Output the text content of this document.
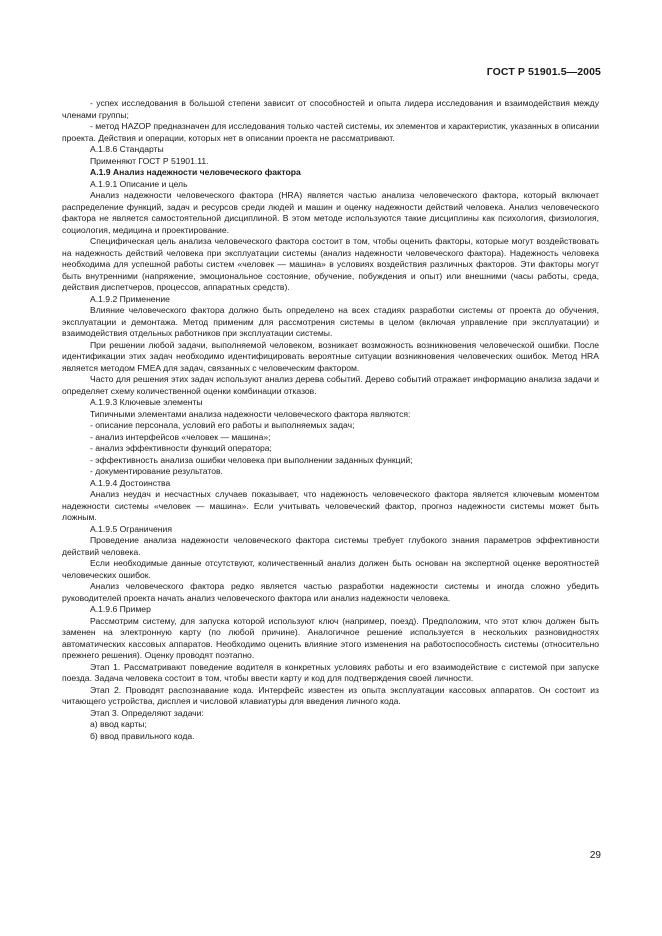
ГОСТ Р 51901.5—2005

- успех исследования в большой степени зависит от способностей и опыта лидера исследования и взаимодействия между членами группы;

- метод HAZOP предназначен для исследования только частей системы, их элементов и характеристик, указанных в описании проекта. Действия и операции, которых нет в описании проекта не рассматривают.

А.1.8.6 Стандарты

Применяют ГОСТ Р 51901.11.

А.1.9 Анализ надежности человеческого фактора

А.1.9.1 Описание и цель

Анализ надежности человеческого фактора (HRA) является частью анализа человеческого фактора, который включает распределение функций, задач и ресурсов среди людей и машин и оценку надежности действий человека. Анализ человеческого фактора не является самостоятельной дисциплиной. В этом методе используются такие дисциплины как психология, физиология, социология, медицина и проектирование.

Специфическая цель анализа человеческого фактора состоит в том, чтобы оценить факторы, которые могут воздействовать на надежность действий человека при эксплуатации системы (анализ надежности человеческого фактора). Надежность человека необходима для успешной работы систем «человек — машина» в условиях воздействия различных факторов. Эти факторы могут быть внутренними (напряжение, эмоциональное состояние, обучение, побуждения и опыт) или внешними (часы работы, среда, действия диспетчеров, процессов, аппаратных средств).

А.1.9.2 Применение

Влияние человеческого фактора должно быть определено на всех стадиях разработки системы от проекта до обучения, эксплуатации и демонтажа. Метод применим для рассмотрения системы в целом (включая управление при эксплуатации) и взаимодействия отдельных работников при эксплуатации системы.

При решении любой задачи, выполняемой человеком, возникает возможность возникновения человеческой ошибки. После идентификации этих задач необходимо идентифицировать вероятные ситуации возникновения человеческих ошибок. Метод HRA является методом FMEA для задач, связанных с человеческим фактором.

Часто для решения этих задач используют анализ дерева событий. Дерево событий отражает информацию анализа задачи и определяет схему количественной оценки комбинации отказов.

А.1.9.3 Ключевые элементы

Типичными элементами анализа надежности человеческого фактора являются:

- описание персонала, условий его работы и выполняемых задач;

- анализ интерфейсов «человек — машина»;

- анализ эффективности функций оператора;

- эффективность анализа ошибки человека при выполнении заданных функций;

- документирование результатов.

А.1.9.4 Достоинства

Анализ неудач и несчастных случаев показывает, что надежность человеческого фактора является ключевым моментом надежности системы «человек — машина». Если учитывать человеческий фактор, прогноз надежности системы может быть ложным.

А.1.9.5 Ограничения

Проведение анализа надежности человеческого фактора системы требует глубокого знания параметров эффективности действий человека.

Если необходимые данные отсутствуют, количественный анализ должен быть основан на экспертной оценке вероятностей человеческих ошибок.

Анализ человеческого фактора редко является частью разработки надежности системы и иногда сложно убедить руководителей проекта начать анализ человеческого фактора или анализ надежности человека.

А.1.9.6 Пример

Рассмотрим систему, для запуска которой используют ключ (например, поезд). Предположим, что этот ключ должен быть заменен на электронную карту (по любой причине). Аналогичное решение используется в нескольких разновидностях автоматических кассовых аппаратов. Необходимо оценить влияние этого изменения на работоспособность системы (относительно прежнего решения). Оценку проводят поэтапно.

Этап 1. Рассматривают поведение водителя в конкретных условиях работы и его взаимодействие с системой при запуске поезда. Задача человека состоит в том, чтобы ввести карту и код для подтверждения своей личности.

Этап 2. Проводят распознавание кода. Интерфейс известен из опыта эксплуатации кассовых аппаратов. Он состоит из читающего устройства, дисплея и числовой клавиатуры для введения личного кода.

Этап 3. Определяют задачи:

а) ввод карты;

б) ввод правильного кода.

29
